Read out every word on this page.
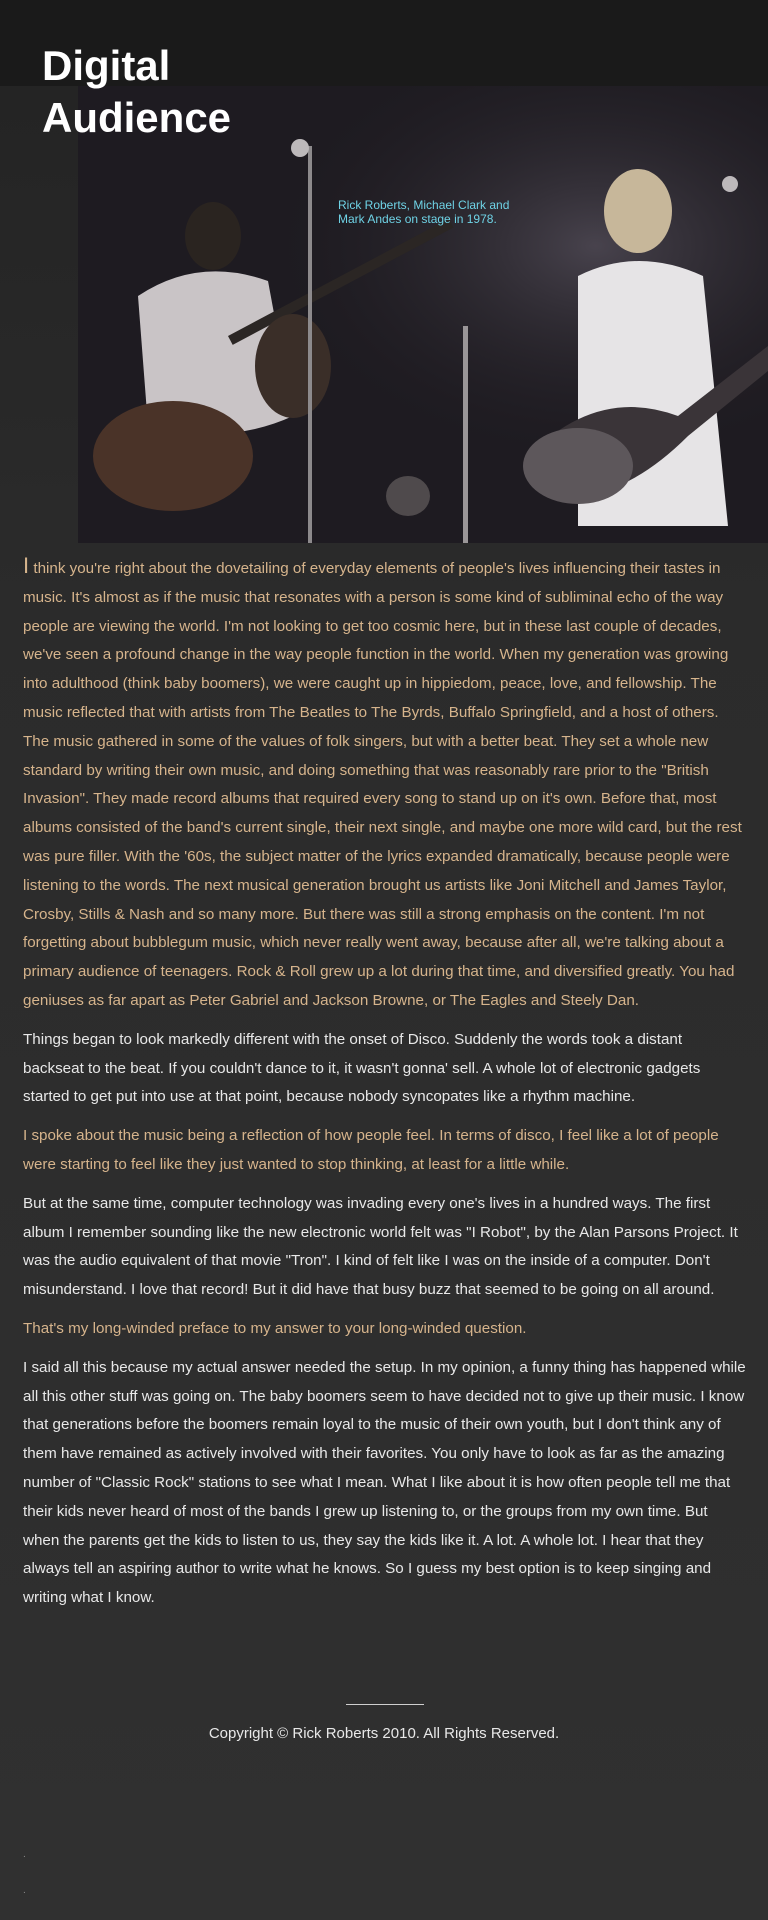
Digital Audience
Rick Roberts, Michael Clark and Mark Andes on stage in 1978.

I think you're right about the dovetailing of everyday elements of people's lives influencing their tastes in music. It's almost as if the music that resonates with a person is some kind of subliminal echo of the way people are viewing the world. I'm not looking to get too cosmic here, but in these last couple of decades, we've seen a profound change in the way people function in the world. When my generation was growing into adulthood (think baby boomers), we were caught up in hippiedom, peace, love, and fellowship. The music reflected that with artists from The Beatles to The Byrds, Buffalo Springfield, and a host of others. The music gathered in some of the values of folk singers, but with a better beat. They set a whole new standard by writing their own music, and doing something that was reasonably rare prior to the "British Invasion". They made record albums that required every song to stand up on it's own. Before that, most albums consisted of the band's current single, their next single, and maybe one more wild card, but the rest was pure filler. With the '60s, the subject matter of the lyrics expanded dramatically, because people were listening to the words. The next musical generation brought us artists like Joni Mitchell and James Taylor, Crosby, Stills & Nash and so many more. But there was still a strong emphasis on the content. I'm not forgetting about bubblegum music, which never really went away, because after all, we're talking about a primary audience of teenagers. Rock & Roll grew up a lot during that time, and diversified greatly. You had geniuses as far apart as Peter Gabriel and Jackson Browne, or The Eagles and Steely Dan.

Things began to look markedly different with the onset of Disco. Suddenly the words took a distant backseat to the beat. If you couldn't dance to it, it wasn't gonna' sell. A whole lot of electronic gadgets started to get put into use at that point, because nobody syncopates like a rhythm machine.

I spoke about the music being a reflection of how people feel. In terms of disco, I feel like a lot of people were starting to feel like they just wanted to stop thinking, at least for a little while.

But at the same time, computer technology was invading every one's lives in a hundred ways. The first album I remember sounding like the new electronic world felt was "I Robot", by the Alan Parsons Project. It was the audio equivalent of that movie "Tron". I kind of felt like I was on the inside of a computer. Don't misunderstand. I love that record! But it did have that busy buzz that seemed to be going on all around.

That's my long-winded preface to my answer to your long-winded question.

I said all this because my actual answer needed the setup. In my opinion, a funny thing has happened while all this other stuff was going on. The baby boomers seem to have decided not to give up their music. I know that generations before the boomers remain loyal to the music of their own youth, but I don't think any of them have remained as actively involved with their favorites. You only have to look as far as the amazing number of "Classic Rock" stations to see what I mean. What I like about it is how often people tell me that their kids never heard of most of the bands I grew up listening to, or the groups from my own time. But when the parents get the kids to listen to us, they say the kids like it. A lot. A whole lot. I hear that they always tell an aspiring author to write what he knows. So I guess my best option is to keep singing and writing what I know.

Copyright © Rick Roberts 2010. All Rights Reserved.
.
.
